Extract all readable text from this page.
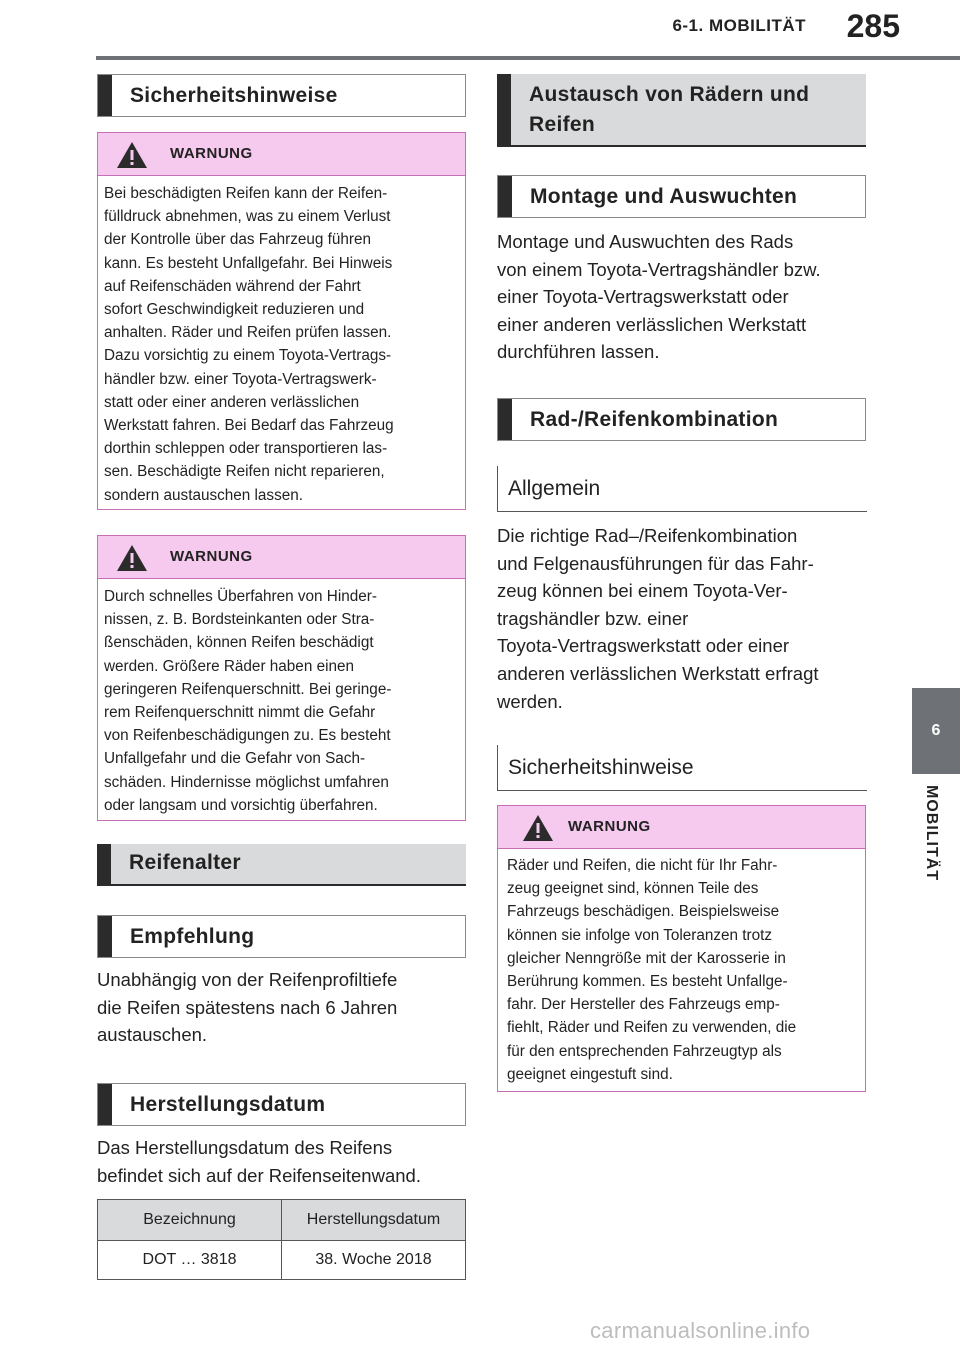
6-1. MOBILITÄT	285
6
MOBILITÄT
Sicherheitshinweise
WARNUNG

Bei beschädigten Reifen kann der Reifen-

fülldruck abnehmen, was zu einem Verlust

der Kontrolle über das Fahrzeug führen

kann. Es besteht Unfallgefahr. Bei Hinweis

auf Reifenschäden während der Fahrt

sofort Geschwindigkeit reduzieren und

anhalten. Räder und Reifen prüfen lassen.

Dazu vorsichtig zu einem Toyota-Vertrags-

händler bzw. einer Toyota-Vertragswerk-

statt oder einer anderen verlässlichen

Werkstatt fahren. Bei Bedarf das Fahrzeug

dorthin schleppen oder transportieren las-

sen. Beschädigte Reifen nicht reparieren,

sondern austauschen lassen.

WARNUNG

Durch schnelles Überfahren von Hinder-

nissen, z. B. Bordsteinkanten oder Stra-

ßenschäden, können Reifen beschädigt

werden. Größere Räder haben einen

geringeren Reifenquerschnitt. Bei geringe-

rem Reifenquerschnitt nimmt die Gefahr

von Reifenbeschädigungen zu. Es besteht

Unfallgefahr und die Gefahr von Sach-

schäden. Hindernisse möglichst umfahren

oder langsam und vorsichtig überfahren.

Reifenalter
Empfehlung

Unabhängig von der Reifenprofiltiefe

die Reifen spätestens nach 6 Jahren

austauschen.

Herstellungsdatum

Das Herstellungsdatum des Reifens

befindet sich auf der Reifenseitenwand.

Bezeichnung	Herstellungsdatum
DOT … 3818	38. Woche 2018
Austausch von Rädern und
Reifen
Montage und Auswuchten

Montage und Auswuchten des Rads

von einem Toyota-Vertragshändler bzw.

einer Toyota-Vertragswerkstatt oder

einer anderen verlässlichen Werkstatt

durchführen lassen.

Rad-/Reifenkombination
Allgemein

Die richtige Rad–/Reifenkombination

und Felgenausführungen für das Fahr-

zeug können bei einem Toyota-Ver-

tragshändler bzw. einer

Toyota-Vertragswerkstatt oder einer

anderen verlässlichen Werkstatt erfragt

werden.

Sicherheitshinweise
WARNUNG

Räder und Reifen, die nicht für Ihr Fahr-

zeug geeignet sind, können Teile des

Fahrzeugs beschädigen. Beispielsweise

können sie infolge von Toleranzen trotz

gleicher Nenngröße mit der Karosserie in

Berührung kommen. Es besteht Unfallge-

fahr. Der Hersteller des Fahrzeugs emp-

fiehlt, Räder und Reifen zu verwenden, die

für den entsprechenden Fahrzeugtyp als

geeignet eingestuft sind.

carmanualsonline.info
